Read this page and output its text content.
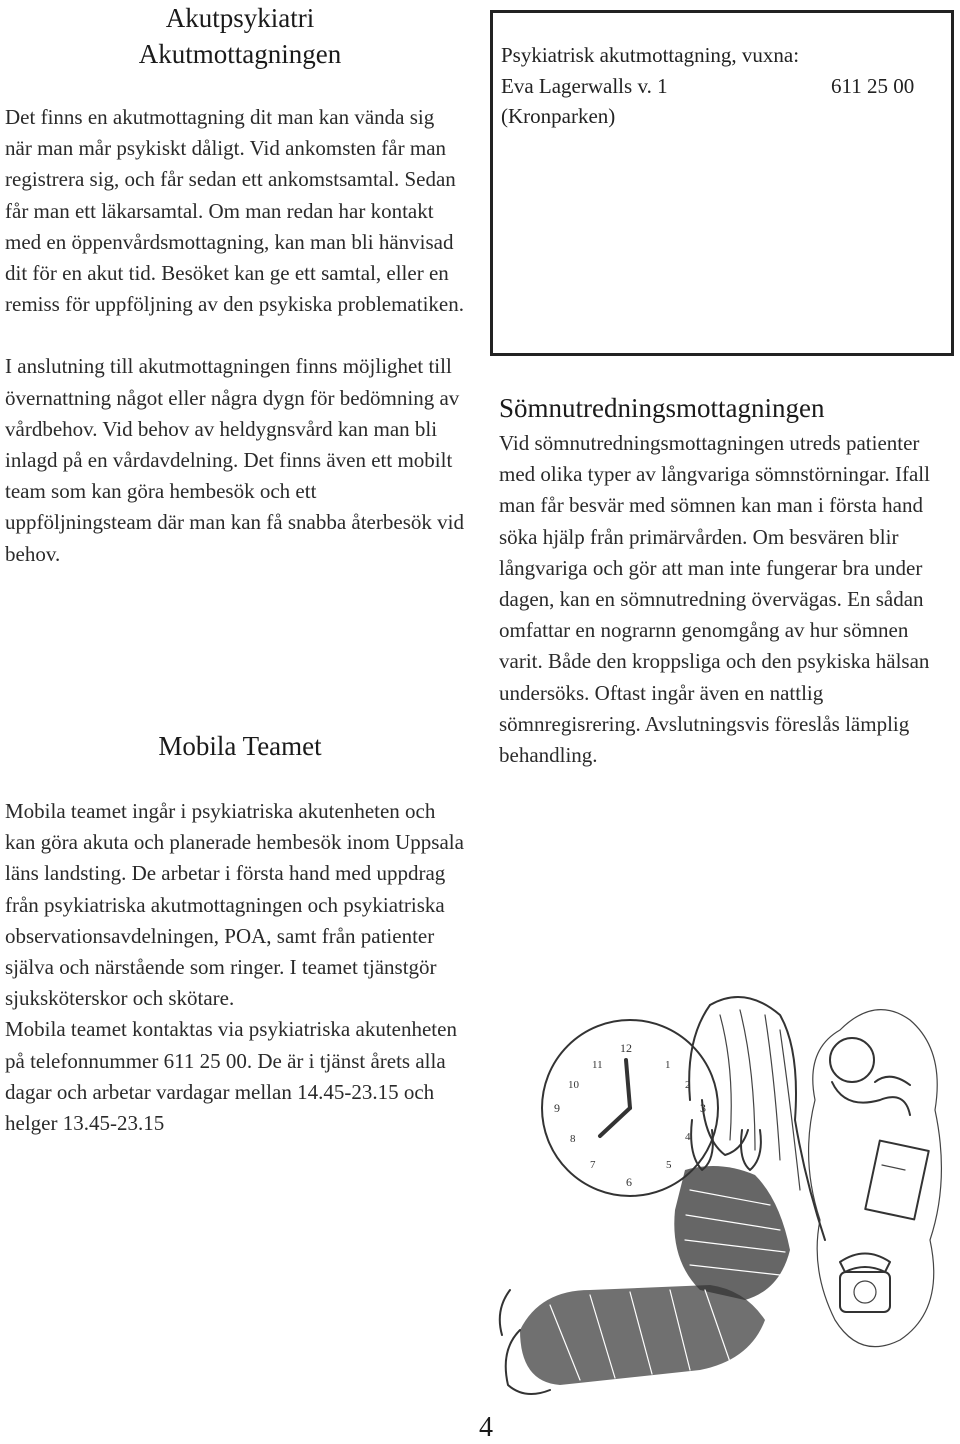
Akutpsykiatri
Akutmottagningen

Det finns en akutmottagning dit man kan vända sig när man mår psykiskt dåligt. Vid ankomsten får man registrera sig, och får sedan ett ankomstsamtal. Sedan får man ett läkarsamtal. Om man redan har kontakt med en öppenvårdsmottagning, kan man bli hänvisad dit för en akut tid. Besöket kan ge ett samtal, eller en remiss för uppföljning av den psykiska problematiken.

I anslutning till akutmottagningen finns möjlighet till övernattning något eller några dygn för bedömning av vårdbehov. Vid behov av heldygnsvård kan man bli inlagd på en vårdavdelning. Det finns även ett mobilt team som kan göra hembesök och ett uppföljningsteam där man kan få snabba återbesök vid behov.

Mobila Teamet

Mobila teamet ingår i psykiatriska akutenheten och kan göra akuta och planerade hembesök inom Uppsala läns landsting. De arbetar i första hand med uppdrag från psykiatriska akutmottagningen och psykiatriska observationsavdelningen, POA, samt från patienter själva och närstående som ringer. I teamet tjänstgör sjuksköterskor och skötare.

Mobila teamet kontaktas via psykiatriska akutenheten på telefonnummer 611 25 00. De är i tjänst årets alla dagar och arbetar vardagar mellan 14.45-23.15 och helger 13.45-23.15

Psykiatrisk akutmottagning, vuxna:
Eva Lagerwalls v. 1	611 25 00
(Kronparken)
Sömnutredningsmottagningen
Vid sömnutredningsmottagningen utreds patienter med olika typer av långvariga sömnstörningar. Ifall man får besvär med sömnen kan man i första hand söka hjälp från primärvården. Om besvären blir långvariga och gör att man inte fungerar bra under dagen, kan en sömnutredning övervägas. En sådan omfattar en nograrnn genomgång av hur sömnen varit. Både den kroppsliga och den psykiska hälsan undersöks. Oftast ingår även en nattlig sömnregisrering. Avslutningsvis föreslås lämplig behandling.
12
3
6
9
11	1
2
4
5
7
8
10
4
